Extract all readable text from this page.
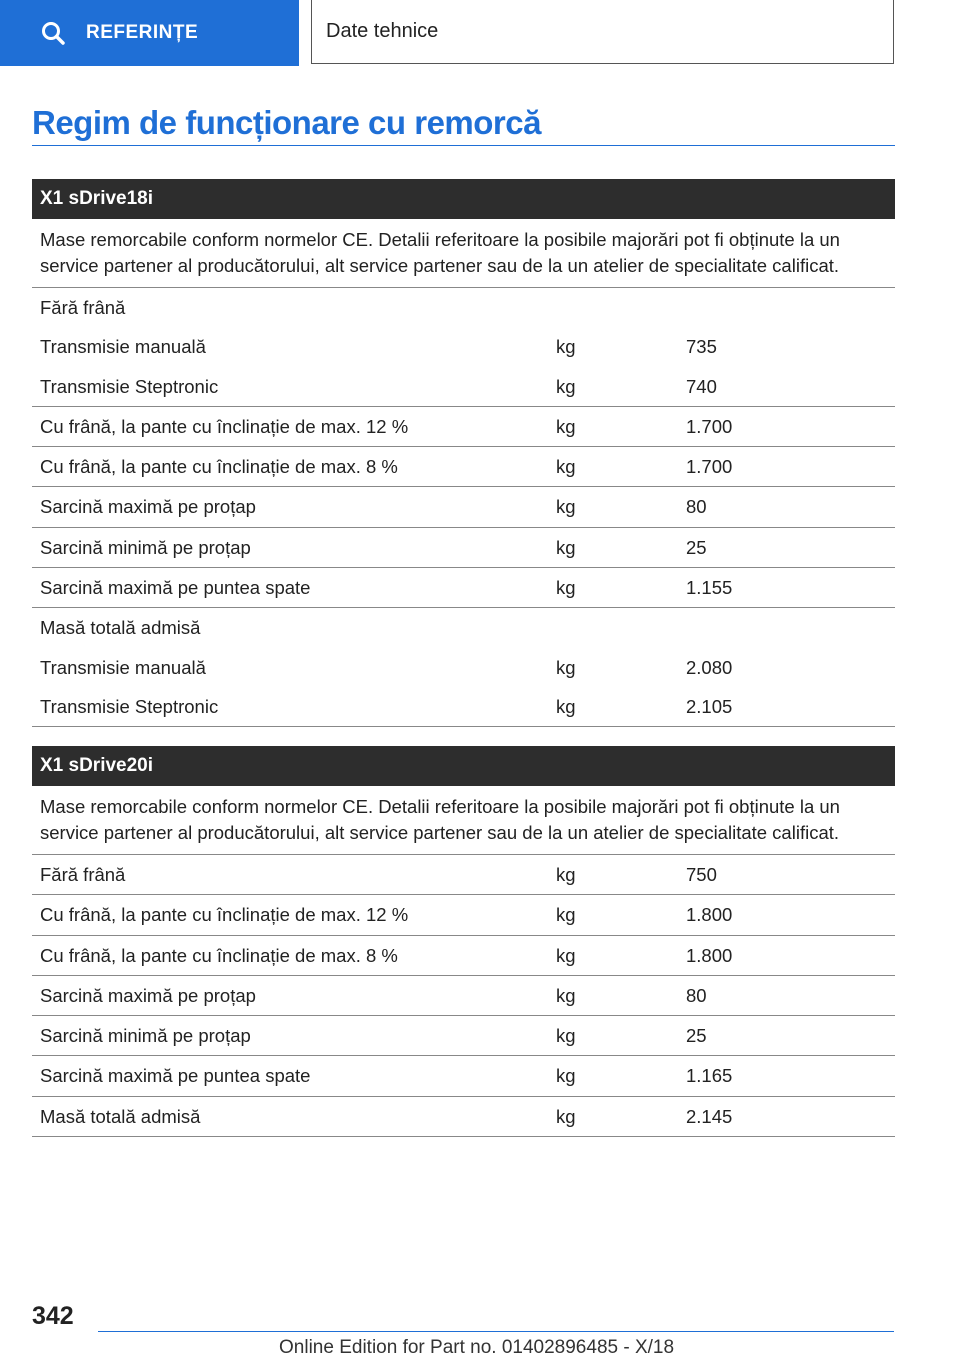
REFERINȚE	Date tehnice
Regim de funcționare cu remorcă
X1 sDrive18i
Mase remorcabile conform normelor CE. Detalii referitoare la posibile majorări pot fi obținute la un service partener al producătorului, alt service partener sau de la un atelier de specialitate calificat.
Fără frână
Transmisie manuală	kg	735
Transmisie Steptronic	kg	740
Cu frână, la pante cu înclinație de max. 12 %	kg	1.700
Cu frână, la pante cu înclinație de max. 8 %	kg	1.700
Sarcină maximă pe proțap	kg	80
Sarcină minimă pe proțap	kg	25
Sarcină maximă pe puntea spate	kg	1.155
Masă totală admisă
Transmisie manuală	kg	2.080
Transmisie Steptronic	kg	2.105
X1 sDrive20i
Mase remorcabile conform normelor CE. Detalii referitoare la posibile majorări pot fi obținute la un service partener al producătorului, alt service partener sau de la un atelier de specialitate calificat.
Fără frână	kg	750
Cu frână, la pante cu înclinație de max. 12 %	kg	1.800
Cu frână, la pante cu înclinație de max. 8 %	kg	1.800
Sarcină maximă pe proțap	kg	80
Sarcină minimă pe proțap	kg	25
Sarcină maximă pe puntea spate	kg	1.165
Masă totală admisă	kg	2.145
342
Online Edition for Part no. 01402896485 - X/18
